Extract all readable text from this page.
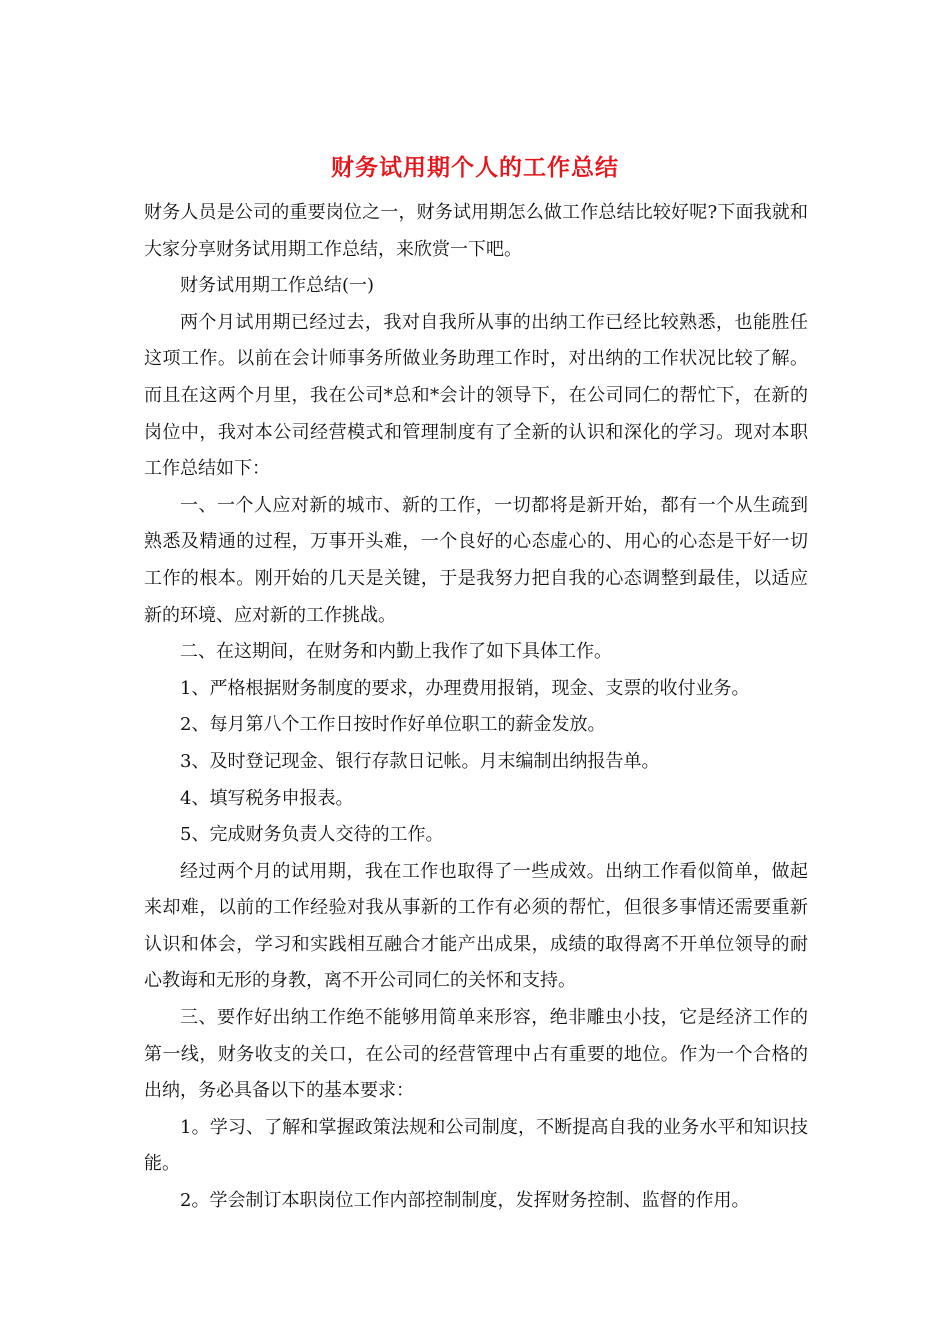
财务试用期个人的工作总结

财务人员是公司的重要岗位之一，财务试用期怎么做工作总结比较好呢?下面我就和大家分享财务试用期工作总结，来欣赏一下吧。

财务试用期工作总结(一)

两个月试用期已经过去，我对自我所从事的出纳工作已经比较熟悉，也能胜任这项工作。以前在会计师事务所做业务助理工作时，对出纳的工作状况比较了解。而且在这两个月里，我在公司*总和*会计的领导下，在公司同仁的帮忙下，在新的岗位中，我对本公司经营模式和管理制度有了全新的认识和深化的学习。现对本职工作总结如下：

一、一个人应对新的城市、新的工作，一切都将是新开始，都有一个从生疏到熟悉及精通的过程，万事开头难，一个良好的心态虚心的、用心的心态是干好一切工作的根本。刚开始的几天是关键，于是我努力把自我的心态调整到最佳，以适应新的环境、应对新的工作挑战。

二、在这期间，在财务和内勤上我作了如下具体工作。

1、严格根据财务制度的要求，办理费用报销，现金、支票的收付业务。

2、每月第八个工作日按时作好单位职工的薪金发放。

3、及时登记现金、银行存款日记帐。月末编制出纳报告单。

4、填写税务申报表。

5、完成财务负责人交待的工作。

经过两个月的试用期，我在工作也取得了一些成效。出纳工作看似简单，做起来却难，以前的工作经验对我从事新的工作有必须的帮忙，但很多事情还需要重新认识和体会，学习和实践相互融合才能产出成果，成绩的取得离不开单位领导的耐心教诲和无形的身教，离不开公司同仁的关怀和支持。

三、要作好出纳工作绝不能够用简单来形容，绝非雕虫小技，它是经济工作的第一线，财务收支的关口，在公司的经营管理中占有重要的地位。作为一个合格的出纳，务必具备以下的基本要求：

1。学习、了解和掌握政策法规和公司制度，不断提高自我的业务水平和知识技能。

2。学会制订本职岗位工作内部控制制度，发挥财务控制、监督的作用。
